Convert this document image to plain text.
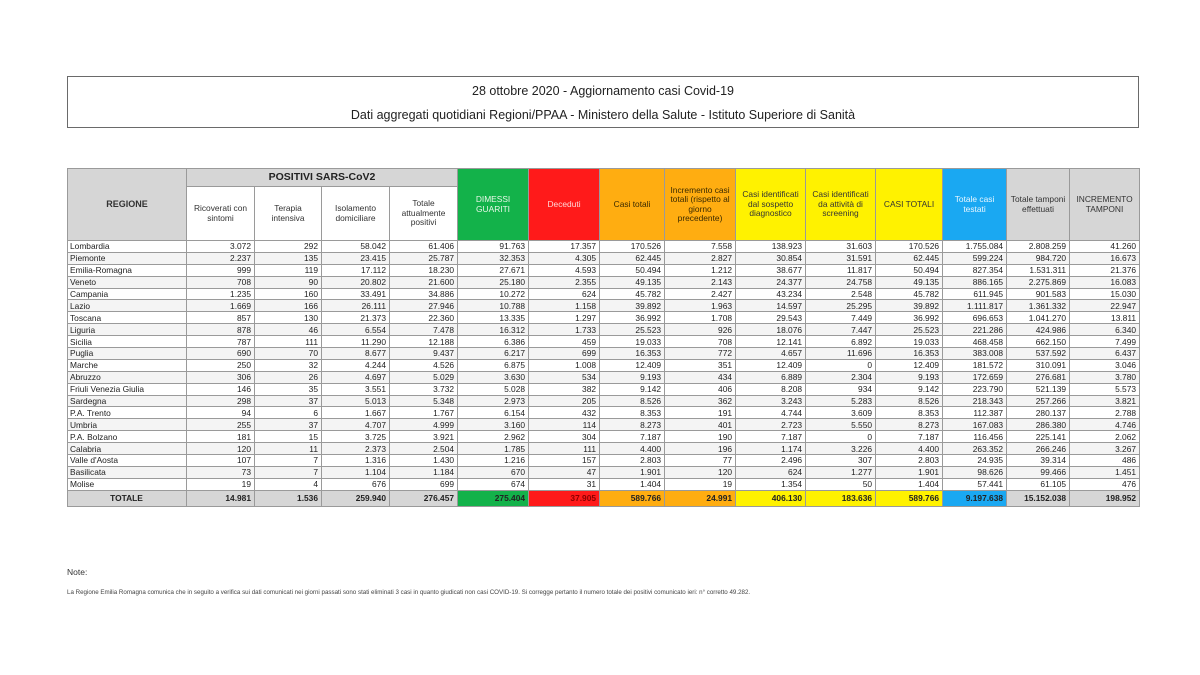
28 ottobre 2020 - Aggiornamento casi Covid-19
Dati aggregati quotidiani Regioni/PPAA - Ministero della Salute - Istituto Superiore di Sanità
REGIONE	POSITIVI SARS-CoV2				DIMESSI GUARITI	Deceduti	Casi totali	Incremento casi totali (rispetto al giorno precedente)	Casi identificati dal sospetto diagnostico	Casi identificati da attività di screening	CASI TOTALI	Totale casi testati	Totale tamponi effettuati	INCREMENTO TAMPONI
	Ricoverati con sintomi	Terapia intensiva	Isolamento domiciliare	Totale attualmente positivi										
Lombardia	3.072	292	58.042	61.406	91.763	17.357	170.526	7.558	138.923	31.603	170.526	1.755.084	2.808.259	41.260
Piemonte	2.237	135	23.415	25.787	32.353	4.305	62.445	2.827	30.854	31.591	62.445	599.224	984.720	16.673
Emilia-Romagna	999	119	17.112	18.230	27.671	4.593	50.494	1.212	38.677	11.817	50.494	827.354	1.531.311	21.376
Veneto	708	90	20.802	21.600	25.180	2.355	49.135	2.143	24.377	24.758	49.135	886.165	2.275.869	16.083
Campania	1.235	160	33.491	34.886	10.272	624	45.782	2.427	43.234	2.548	45.782	611.945	901.583	15.030
Lazio	1.669	166	26.111	27.946	10.788	1.158	39.892	1.963	14.597	25.295	39.892	1.111.817	1.361.332	22.947
Toscana	857	130	21.373	22.360	13.335	1.297	36.992	1.708	29.543	7.449	36.992	696.653	1.041.270	13.811
Liguria	878	46	6.554	7.478	16.312	1.733	25.523	926	18.076	7.447	25.523	221.286	424.986	6.340
Sicilia	787	111	11.290	12.188	6.386	459	19.033	708	12.141	6.892	19.033	468.458	662.150	7.499
Puglia	690	70	8.677	9.437	6.217	699	16.353	772	4.657	11.696	16.353	383.008	537.592	6.437
Marche	250	32	4.244	4.526	6.875	1.008	12.409	351	12.409	0	12.409	181.572	310.091	3.046
Abruzzo	306	26	4.697	5.029	3.630	534	9.193	434	6.889	2.304	9.193	172.659	276.681	3.780
Friuli Venezia Giulia	146	35	3.551	3.732	5.028	382	9.142	406	8.208	934	9.142	223.790	521.139	5.573
Sardegna	298	37	5.013	5.348	2.973	205	8.526	362	3.243	5.283	8.526	218.343	257.266	3.821
P.A. Trento	94	6	1.667	1.767	6.154	432	8.353	191	4.744	3.609	8.353	112.387	280.137	2.788
Umbria	255	37	4.707	4.999	3.160	114	8.273	401	2.723	5.550	8.273	167.083	286.380	4.746
P.A. Bolzano	181	15	3.725	3.921	2.962	304	7.187	190	7.187	0	7.187	116.456	225.141	2.062
Calabria	120	11	2.373	2.504	1.785	111	4.400	196	1.174	3.226	4.400	263.352	266.246	3.267
Valle d'Aosta	107	7	1.316	1.430	1.216	157	2.803	77	2.496	307	2.803	24.935	39.314	486
Basilicata	73	7	1.104	1.184	670	47	1.901	120	624	1.277	1.901	98.626	99.466	1.451
Molise	19	4	676	699	674	31	1.404	19	1.354	50	1.404	57.441	61.105	476
TOTALE	14.981	1.536	259.940	276.457	275.404	37.905	589.766	24.991	406.130	183.636	589.766	9.197.638	15.152.038	198.952
Note:
La Regione Emilia Romagna comunica che in seguito a verifica sui dati comunicati nei giorni passati sono stati eliminati 3 casi in quanto giudicati non casi COVID-19. Si corregge pertanto il numero totale dei positivi comunicato ieri: n° corretto 49.282.
